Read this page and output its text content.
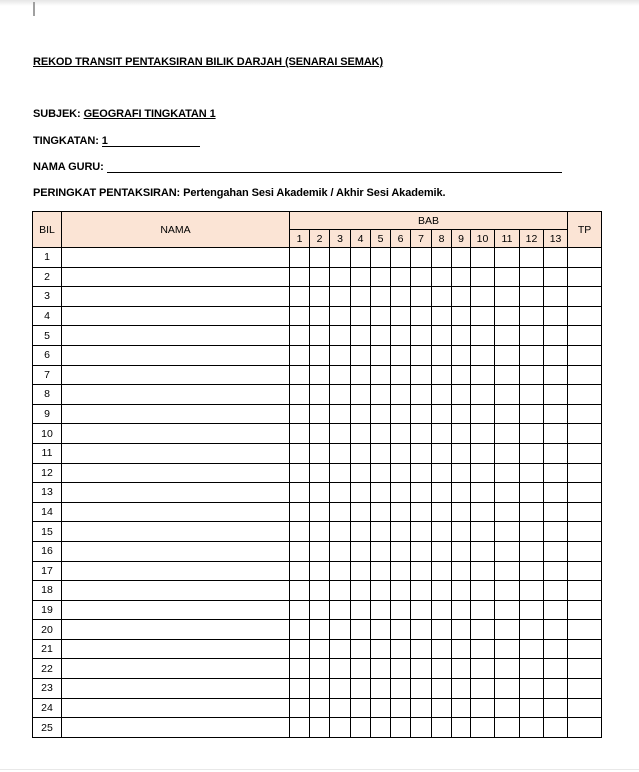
REKOD TRANSIT PENTAKSIRAN BILIK DARJAH (SENARAI SEMAK)
SUBJEK: GEOGRAFI TINGKATAN 1
TINGKATAN: 1
NAMA GURU:
PERINGKAT PENTAKSIRAN: Pertengahan Sesi Akademik / Akhir Sesi Akademik.
BIL	NAMA	BAB													TP
		1	2	3	4	5	6	7	8	9	10	11	12	13	
1															
2															
3															
4															
5															
6															
7															
8															
9															
10															
11															
12															
13															
14															
15															
16															
17															
18															
19															
20															
21															
22															
23															
24															
25															
